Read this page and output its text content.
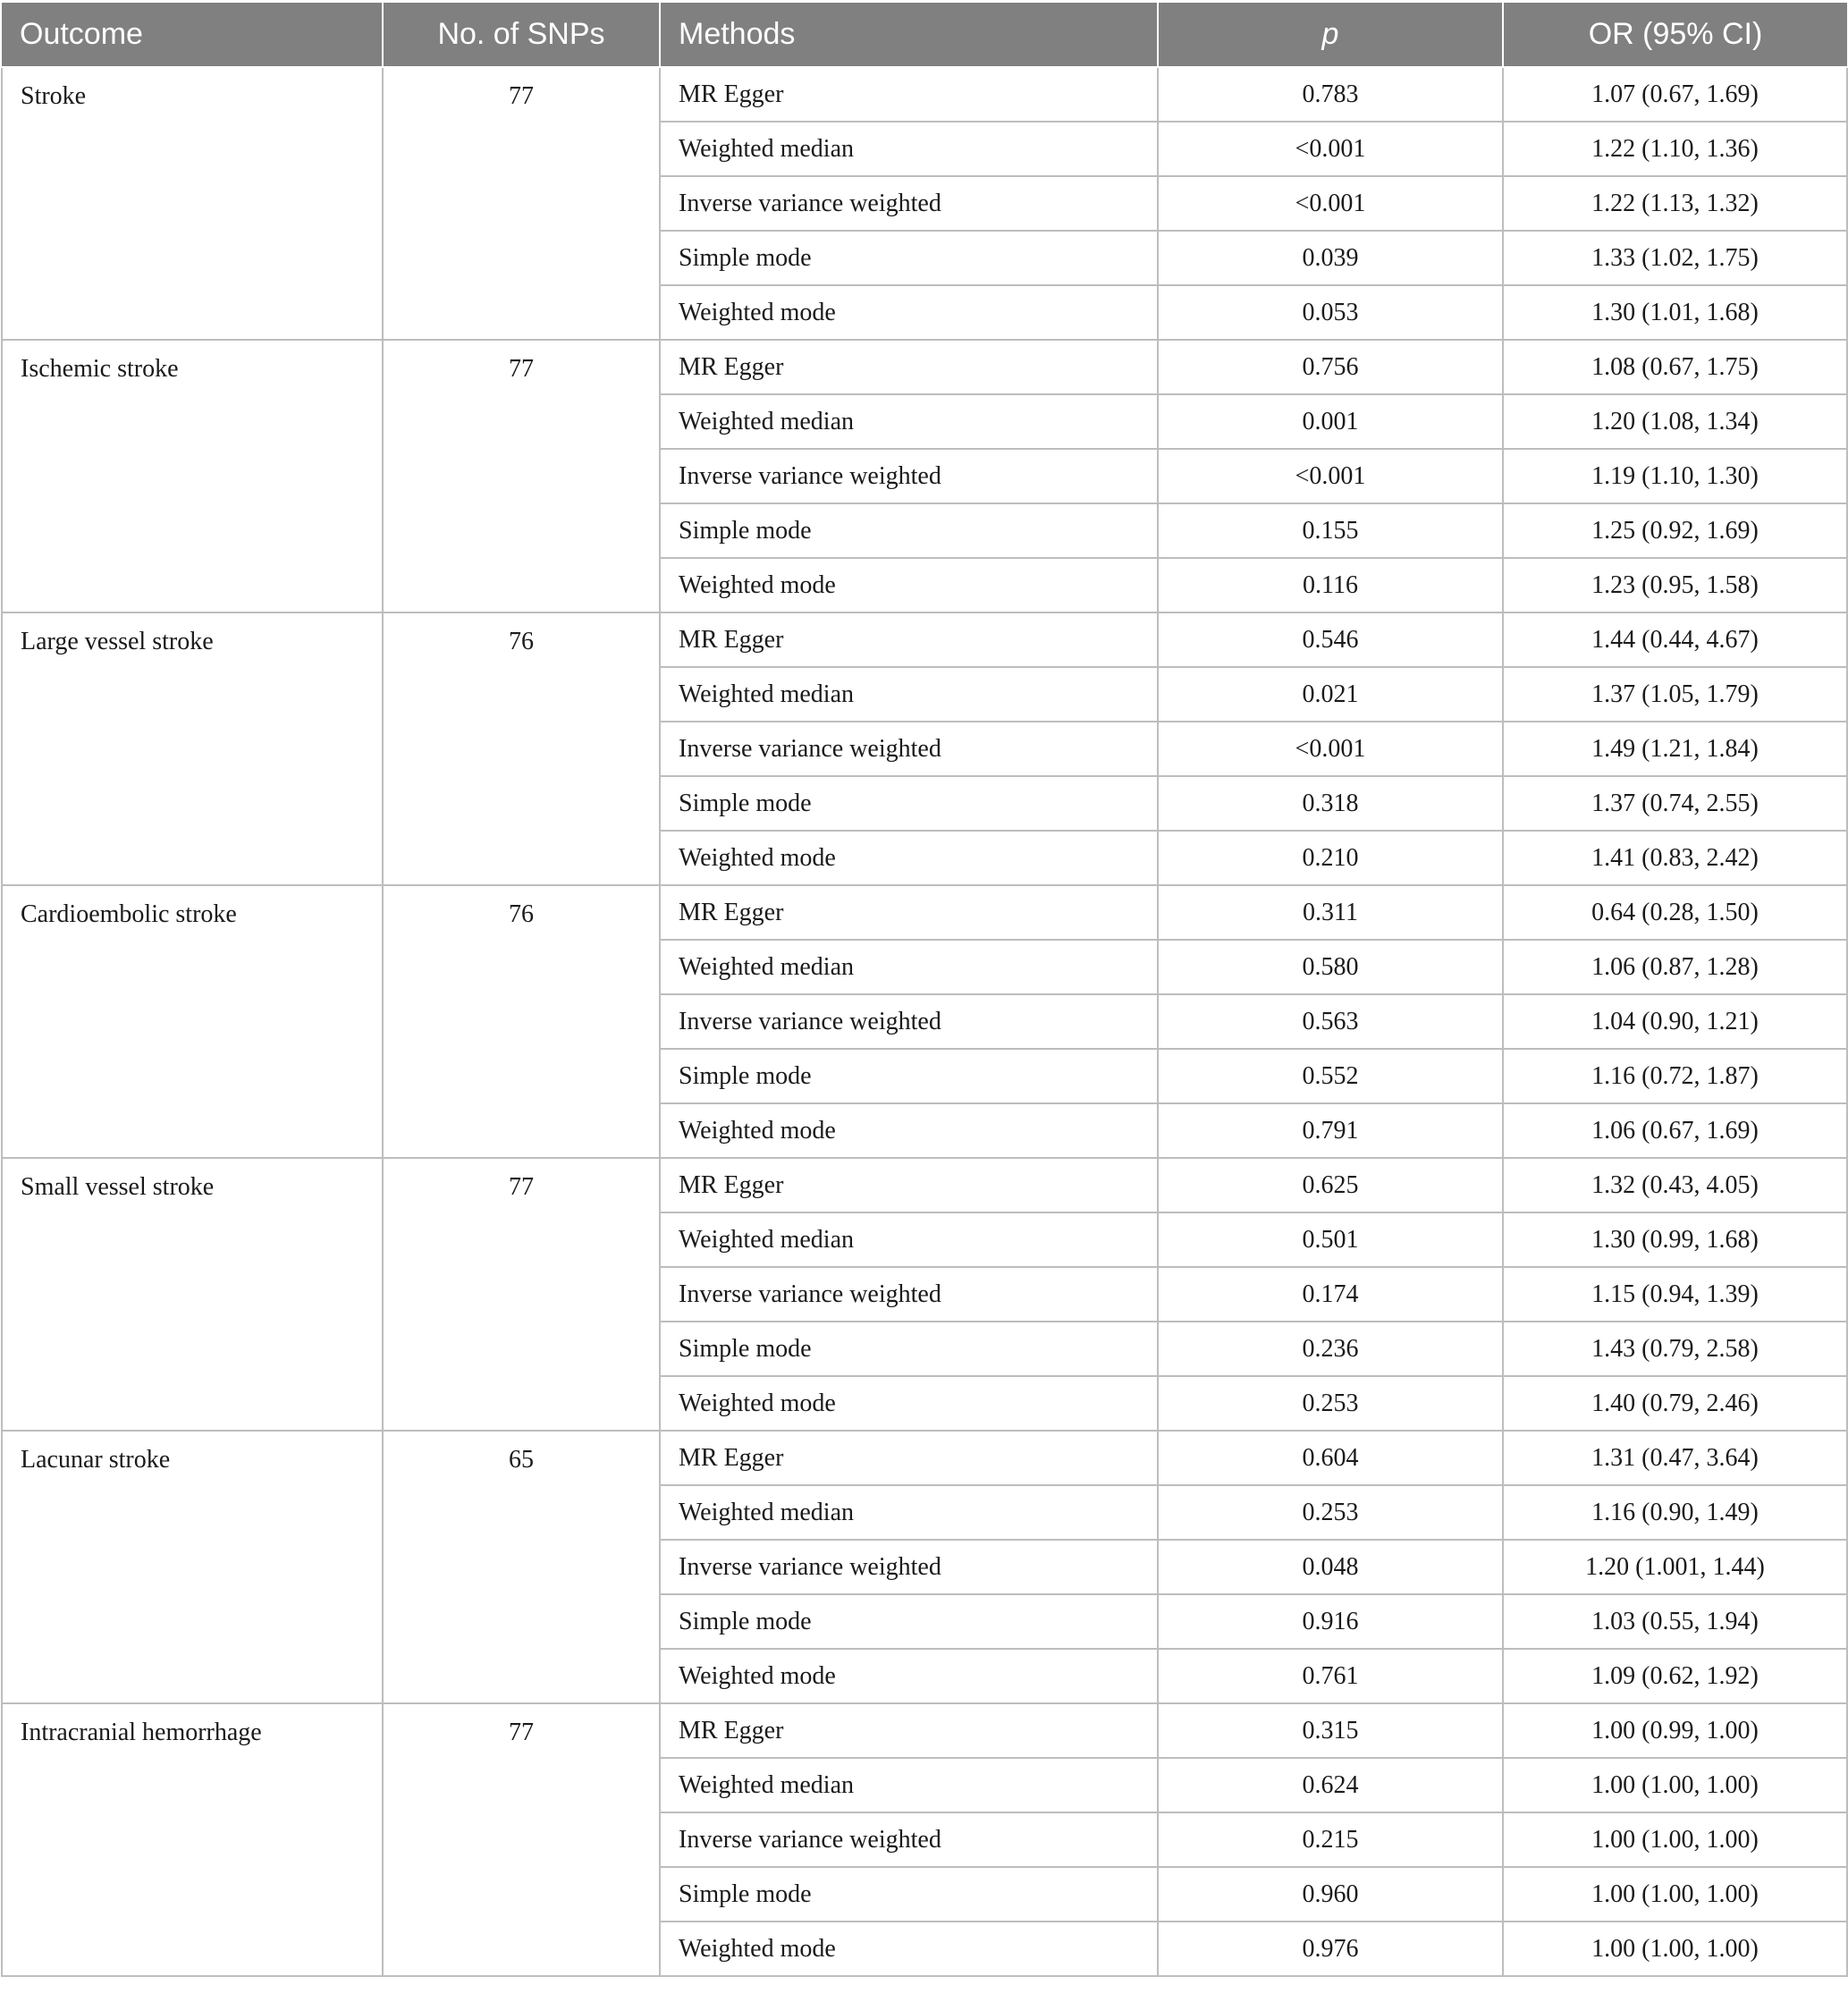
Outcome	No. of SNPs	Methods	p	OR (95% CI)
Stroke	77	MR Egger	0.783	1.07 (0.67, 1.69)
		Weighted median	<0.001	1.22 (1.10, 1.36)
		Inverse variance weighted	<0.001	1.22 (1.13, 1.32)
		Simple mode	0.039	1.33 (1.02, 1.75)
		Weighted mode	0.053	1.30 (1.01, 1.68)
Ischemic stroke	77	MR Egger	0.756	1.08 (0.67, 1.75)
		Weighted median	0.001	1.20 (1.08, 1.34)
		Inverse variance weighted	<0.001	1.19 (1.10, 1.30)
		Simple mode	0.155	1.25 (0.92, 1.69)
		Weighted mode	0.116	1.23 (0.95, 1.58)
Large vessel stroke	76	MR Egger	0.546	1.44 (0.44, 4.67)
		Weighted median	0.021	1.37 (1.05, 1.79)
		Inverse variance weighted	<0.001	1.49 (1.21, 1.84)
		Simple mode	0.318	1.37 (0.74, 2.55)
		Weighted mode	0.210	1.41 (0.83, 2.42)
Cardioembolic stroke	76	MR Egger	0.311	0.64 (0.28, 1.50)
		Weighted median	0.580	1.06 (0.87, 1.28)
		Inverse variance weighted	0.563	1.04 (0.90, 1.21)
		Simple mode	0.552	1.16 (0.72, 1.87)
		Weighted mode	0.791	1.06 (0.67, 1.69)
Small vessel stroke	77	MR Egger	0.625	1.32 (0.43, 4.05)
		Weighted median	0.501	1.30 (0.99, 1.68)
		Inverse variance weighted	0.174	1.15 (0.94, 1.39)
		Simple mode	0.236	1.43 (0.79, 2.58)
		Weighted mode	0.253	1.40 (0.79, 2.46)
Lacunar stroke	65	MR Egger	0.604	1.31 (0.47, 3.64)
		Weighted median	0.253	1.16 (0.90, 1.49)
		Inverse variance weighted	0.048	1.20 (1.001, 1.44)
		Simple mode	0.916	1.03 (0.55, 1.94)
		Weighted mode	0.761	1.09 (0.62, 1.92)
Intracranial hemorrhage	77	MR Egger	0.315	1.00 (0.99, 1.00)
		Weighted median	0.624	1.00 (1.00, 1.00)
		Inverse variance weighted	0.215	1.00 (1.00, 1.00)
		Simple mode	0.960	1.00 (1.00, 1.00)
		Weighted mode	0.976	1.00 (1.00, 1.00)
